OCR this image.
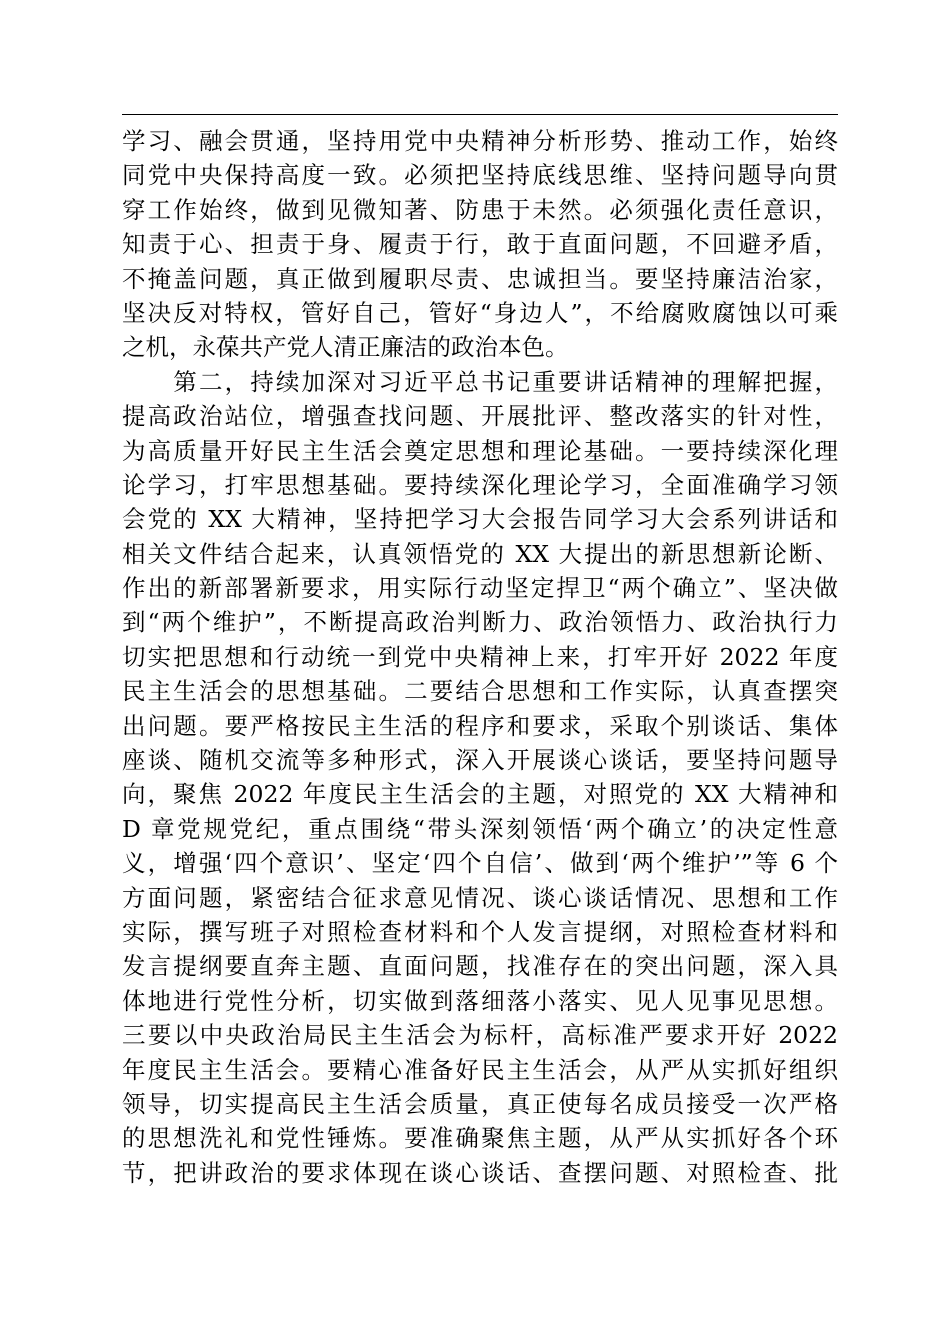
学习、融会贯通，坚持用党中央精神分析形势、推动工作，始终
同党中央保持高度一致。必须把坚持底线思维、坚持问题导向贯
穿工作始终，做到见微知著、防患于未然。必须强化责任意识，
知责于心、担责于身、履责于行，敢于直面问题，不回避矛盾，
不掩盖问题，真正做到履职尽责、忠诚担当。要坚持廉洁治家，
坚决反对特权，管好自己，管好“身边人”，不给腐败腐蚀以可乘
之机，永葆共产党人清正廉洁的政治本色。
　　第二，持续加深对习近平总书记重要讲话精神的理解把握，
提高政治站位，增强查找问题、开展批评、整改落实的针对性，
为高质量开好民主生活会奠定思想和理论基础。一要持续深化理
论学习，打牢思想基础。要持续深化理论学习，全面准确学习领
会党的 XX 大精神，坚持把学习大会报告同学习大会系列讲话和
相关文件结合起来，认真领悟党的 XX 大提出的新思想新论断、
作出的新部署新要求，用实际行动坚定捍卫“两个确立”、坚决做
到“两个维护”，不断提高政治判断力、政治领悟力、政治执行力
切实把思想和行动统一到党中央精神上来，打牢开好 2022 年度
民主生活会的思想基础。二要结合思想和工作实际，认真查摆突
出问题。要严格按民主生活的程序和要求，采取个别谈话、集体
座谈、随机交流等多种形式，深入开展谈心谈话，要坚持问题导
向，聚焦 2022 年度民主生活会的主题，对照党的 XX 大精神和
D 章党规党纪，重点围绕“带头深刻领悟‘两个确立’的决定性意
义，增强‘四个意识’、坚定‘四个自信’、做到‘两个维护’”等 6 个
方面问题，紧密结合征求意见情况、谈心谈话情况、思想和工作
实际，撰写班子对照检查材料和个人发言提纲，对照检查材料和
发言提纲要直奔主题、直面问题，找准存在的突出问题，深入具
体地进行党性分析，切实做到落细落小落实、见人见事见思想。
三要以中央政治局民主生活会为标杆，高标准严要求开好 2022
年度民主生活会。要精心准备好民主生活会，从严从实抓好组织
领导，切实提高民主生活会质量，真正使每名成员接受一次严格
的思想洗礼和党性锤炼。要准确聚焦主题，从严从实抓好各个环
节，把讲政治的要求体现在谈心谈话、查摆问题、对照检查、批
